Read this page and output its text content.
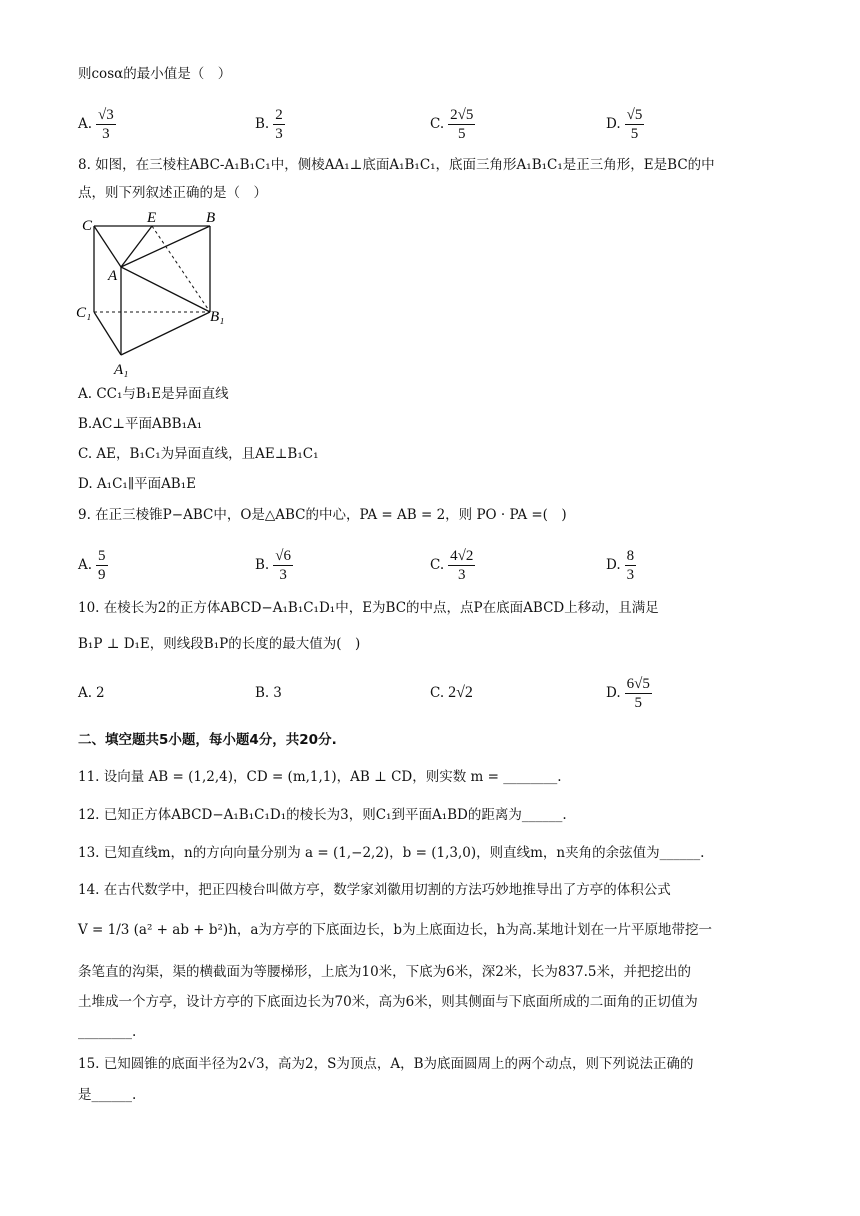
则cosα的最小值是（　）
A. $\frac{√3}{3}$	B. $\frac{2}{3}$	C. $\frac{2√5}{5}$	D. $\frac{√5}{5}$
8. 如图，在三棱柱ABC-A₁B₁C₁中，侧棱AA₁⊥底面A₁B₁C₁，底面三角形A₁B₁C₁是正三角形，E是BC的中
点，则下列叙述正确的是（　）
C	E	B
A
C₁	B₁
A₁
A. CC₁与B₁E是异面直线
B.AC⊥平面ABB₁A₁
C. AE，B₁C₁为异面直线，且AE⊥B₁C₁
D. A₁C₁∥平面AB₁E
9. 在正三棱锥P−ABC中，O是△ABC的中心，PA = AB = 2，则 PO · PA =(　)
A. $\frac{5}{9}$	B. $\frac{√6}{3}$	C. $\frac{4√2}{3}$	D. $\frac{8}{3}$
10. 在棱长为2的正方体ABCD−A₁B₁C₁D₁中，E为BC的中点，点P在底面ABCD上移动，且满足
B₁P ⊥ D₁E，则线段B₁P的长度的最大值为(　)
A. 2	B. 3	C. 2√2	D. $\frac{6√5}{5}$
二、填空题共5小题，每小题4分，共20分.
11. 设向量 AB = (1,2,4)，CD = (m,1,1)，AB ⊥ CD，则实数 m = ________.
12. 已知正方体ABCD−A₁B₁C₁D₁的棱长为3，则C₁到平面A₁BD的距离为______.
13. 已知直线m，n的方向向量分别为 a = (1,−2,2)，b = (1,3,0)，则直线m，n夹角的余弦值为______.
14. 在古代数学中，把正四棱台叫做方亭，数学家刘徽用切割的方法巧妙地推导出了方亭的体积公式
V = 1/3 (a² + ab + b²)h，a为方亭的下底面边长，b为上底面边长，h为高.某地计划在一片平原地带挖一
条笔直的沟渠，渠的横截面为等腰梯形，上底为10米，下底为6米，深2米，长为837.5米，并把挖出的
土堆成一个方亭，设计方亭的下底面边长为70米，高为6米，则其侧面与下底面所成的二面角的正切值为
________.
15. 已知圆锥的底面半径为2√3，高为2，S为顶点，A，B为底面圆周上的两个动点，则下列说法正确的
是______.
